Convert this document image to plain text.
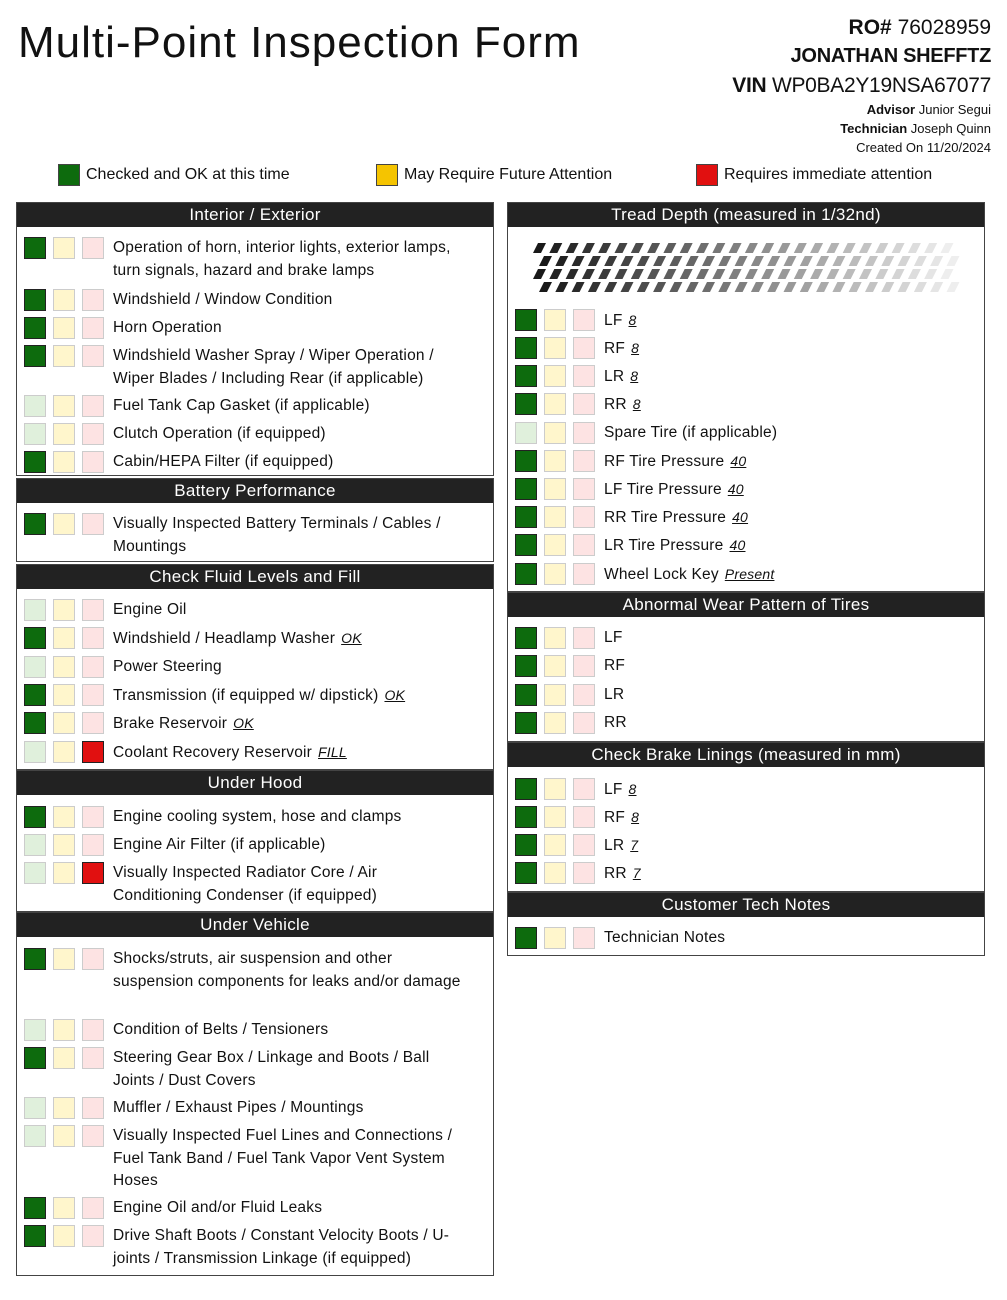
Multi-Point Inspection Form	RO# 76028959
JONATHAN SHEFFTZ
VIN WP0BA2Y19NSA67077
Advisor Junior Segui
Technician Joseph Quinn
Created On 11/20/2024
Checked and OK at this time	May Require Future Attention	Requires immediate attention
Interior / Exterior
Operation of horn, interior lights, exterior lamps, turn signals, hazard and brake lamps
Windshield / Window Condition
Horn Operation
Windshield Washer Spray / Wiper Operation / Wiper Blades / Including Rear (if applicable)
Fuel Tank Cap Gasket (if applicable)
Clutch Operation (if equipped)
Cabin/HEPA Filter (if equipped)
Battery Performance
Visually Inspected Battery Terminals / Cables / Mountings
Check Fluid Levels and Fill
Engine Oil
Windshield / Headlamp Washer OK
Power Steering
Transmission (if equipped w/ dipstick) OK
Brake Reservoir OK
Coolant Recovery Reservoir FILL
Under Hood
Engine cooling system, hose and clamps
Engine Air Filter (if applicable)
Visually Inspected Radiator Core / Air Conditioning Condenser (if equipped)
Under Vehicle
Shocks/struts, air suspension and other suspension components for leaks and/or damage
Condition of Belts / Tensioners
Steering Gear Box / Linkage and Boots / Ball Joints / Dust Covers
Muffler / Exhaust Pipes / Mountings
Visually Inspected Fuel Lines and Connections / Fuel Tank Band / Fuel Tank Vapor Vent System Hoses
Engine Oil and/or Fluid Leaks
Drive Shaft Boots / Constant Velocity Boots / U-joints / Transmission Linkage (if equipped)
Tread Depth (measured in 1/32nd)
LF 8
RF 8
LR 8
RR 8
Spare Tire (if applicable)
RF Tire Pressure 40
LF Tire Pressure 40
RR Tire Pressure 40
LR Tire Pressure 40
Wheel Lock Key Present
Abnormal Wear Pattern of Tires
LF
RF
LR
RR
Check Brake Linings (measured in mm)
LF 8
RF 8
LR 7
RR 7
Customer Tech Notes
Technician Notes
